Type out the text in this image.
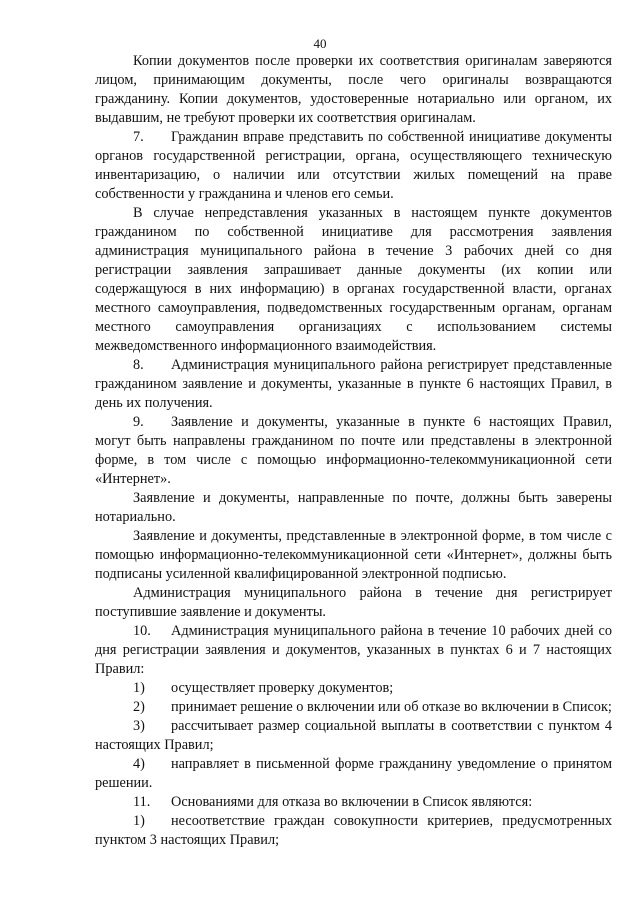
40

Копии документов после проверки их соответствия оригиналам заверяются лицом, принимающим документы, после чего оригиналы возвращаются гражданину. Копии документов, удостоверенные нотариально или органом, их выдавшим, не требуют проверки их соответствия оригиналам.

7. Гражданин вправе представить по собственной инициативе документы органов государственной регистрации, органа, осуществляющего техническую инвентаризацию, о наличии или отсутствии жилых помещений на праве собственности у гражданина и членов его семьи.

В случае непредставления указанных в настоящем пункте документов гражданином по собственной инициативе для рассмотрения заявления администрация муниципального района в течение 3 рабочих дней со дня регистрации заявления запрашивает данные документы (их копии или содержащуюся в них информацию) в органах государственной власти, органах местного самоуправления, подведомственных государственным органам, органам местного самоуправления организациях с использованием системы межведомственного информационного взаимодействия.

8. Администрация муниципального района регистрирует представленные гражданином заявление и документы, указанные в пункте 6 настоящих Правил, в день их получения.

9. Заявление и документы, указанные в пункте 6 настоящих Правил, могут быть направлены гражданином по почте или представлены в электронной форме, в том числе с помощью информационно-телекоммуникационной сети «Интернет».

Заявление и документы, направленные по почте, должны быть заверены нотариально.

Заявление и документы, представленные в электронной форме, в том числе с помощью информационно-телекоммуникационной сети «Интернет», должны быть подписаны усиленной квалифицированной электронной подписью.

Администрация муниципального района в течение дня регистрирует поступившие заявление и документы.

10. Администрация муниципального района в течение 10 рабочих дней со дня регистрации заявления и документов, указанных в пунктах 6 и 7 настоящих Правил:

1) осуществляет проверку документов;

2) принимает решение о включении или об отказе во включении в Список;

3) рассчитывает размер социальной выплаты в соответствии с пунктом 4 настоящих Правил;

4) направляет в письменной форме гражданину уведомление о принятом решении.

11. Основаниями для отказа во включении в Список являются:

1) несоответствие граждан совокупности критериев, предусмотренных пунктом 3 настоящих Правил;
